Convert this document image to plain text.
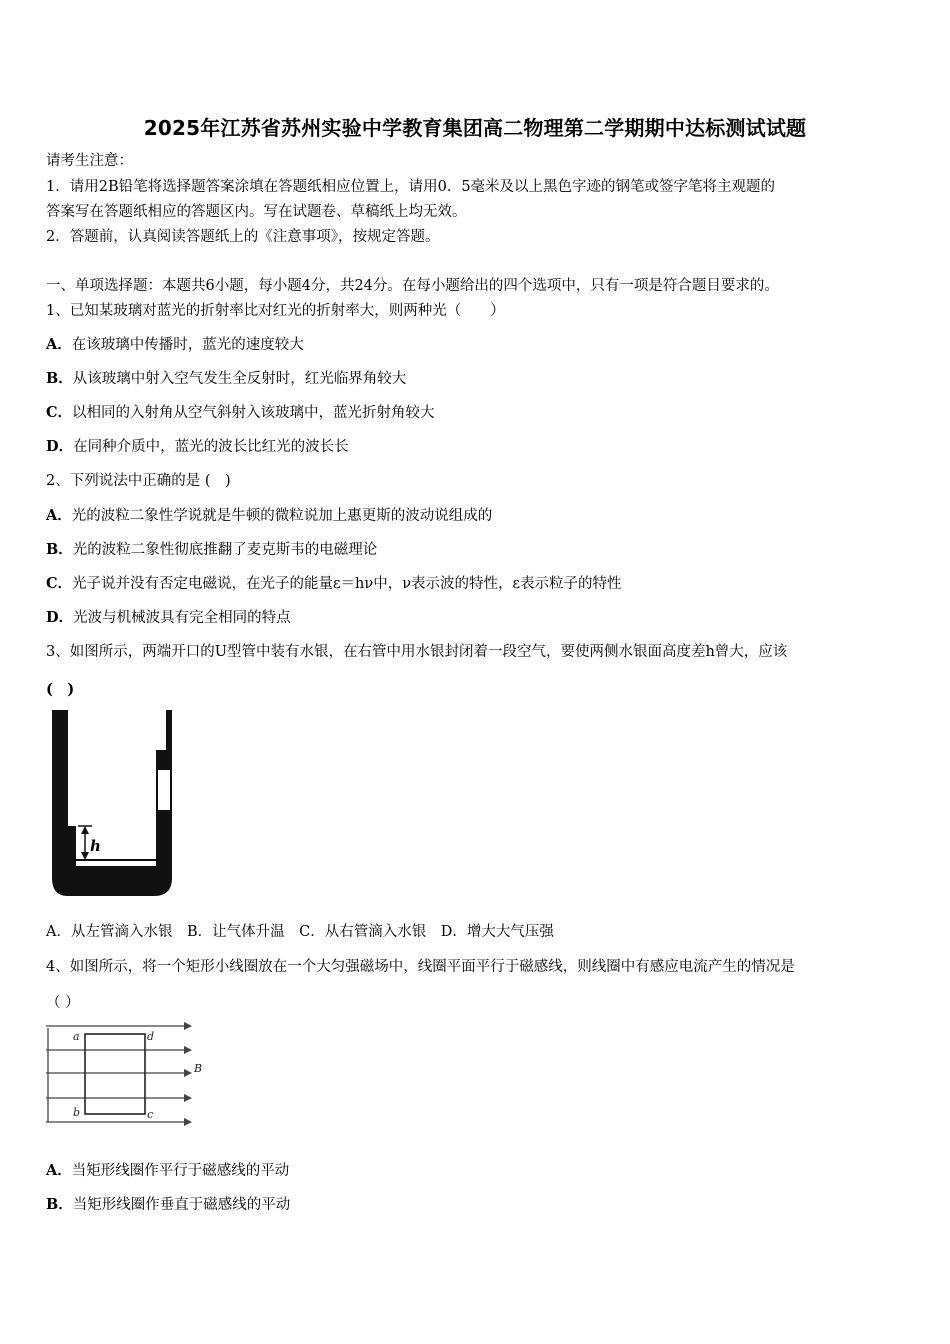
2025年江苏省苏州实验中学教育集团高二物理第二学期期中达标测试试题
请考生注意：
1．请用2B铅笔将选择题答案涂填在答题纸相应位置上，请用0．5毫米及以上黑色字迹的钢笔或签字笔将主观题的
答案写在答题纸相应的答题区内。写在试题卷、草稿纸上均无效。
2．答题前，认真阅读答题纸上的《注意事项》，按规定答题。
一、单项选择题：本题共6小题，每小题4分，共24分。在每小题给出的四个选项中，只有一项是符合题目要求的。
1、已知某玻璃对蓝光的折射率比对红光的折射率大，则两种光（　　）
A．在该玻璃中传播时，蓝光的速度较大
B．从该玻璃中射入空气发生全反射时，红光临界角较大
C．以相同的入射角从空气斜射入该玻璃中，蓝光折射角较大
D．在同种介质中，蓝光的波长比红光的波长长
2、下列说法中正确的是 (　)
A．光的波粒二象性学说就是牛顿的微粒说加上惠更斯的波动说组成的
B．光的波粒二象性彻底推翻了麦克斯韦的电磁理论
C．光子说并没有否定电磁说，在光子的能量ε＝hν中，ν表示波的特性，ε表示粒子的特性
D．光波与机械波具有完全相同的特点
3、如图所示，两端开口的U型管中装有水银，在右管中用水银封闭着一段空气，要使两侧水银面高度差h曾大，应该
(　)
h
A．从左管滴入水银　B．让气体升温　C．从右管滴入水银　D．增大大气压强
4、如图所示，将一个矩形小线圈放在一个大匀强磁场中，线圈平面平行于磁感线，则线圈中有感应电流产生的情况是
（ ）
a	d
b	c
B
A．当矩形线圈作平行于磁感线的平动
B．当矩形线圈作垂直于磁感线的平动
